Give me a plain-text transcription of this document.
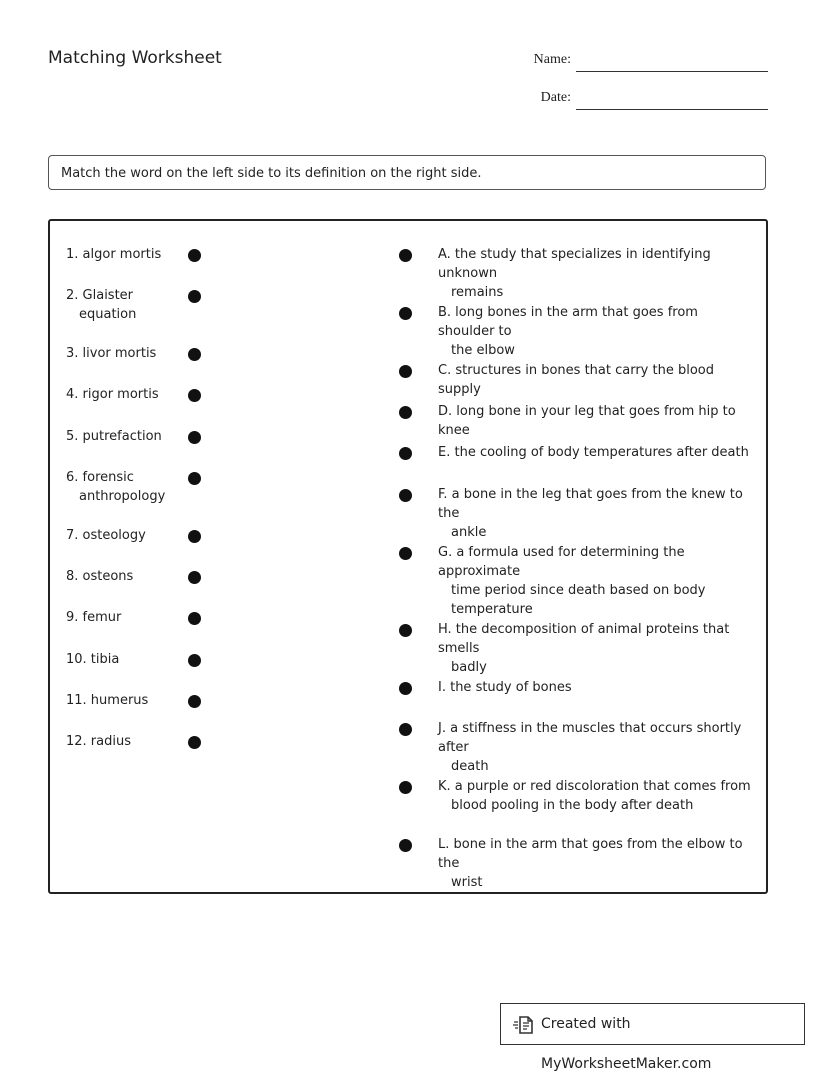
Matching Worksheet	Name:
Date:
Match the word on the left side to its definition on the right side.
1. algor mortis
2. Glaister
equation
3. livor mortis
4. rigor mortis
5. putrefaction
6. forensic
anthropology
7. osteology
8. osteons
9. femur
10. tibia
11. humerus
12. radius
A. the study that specializes in identifying unknown
remains
B. long bones in the arm that goes from shoulder to
the elbow
C. structures in bones that carry the blood supply
D. long bone in your leg that goes from hip to knee
E. the cooling of body temperatures after death
F. a bone in the leg that goes from the knew to the
ankle
G. a formula used for determining the approximate
time period since death based on body
temperature
H. the decomposition of animal proteins that smells
badly
I. the study of bones
J. a stiffness in the muscles that occurs shortly after
death
K. a purple or red discoloration that comes from
blood pooling in the body after death
L. bone in the arm that goes from the elbow to the
wrist
Created with MyWorksheetMaker.com
